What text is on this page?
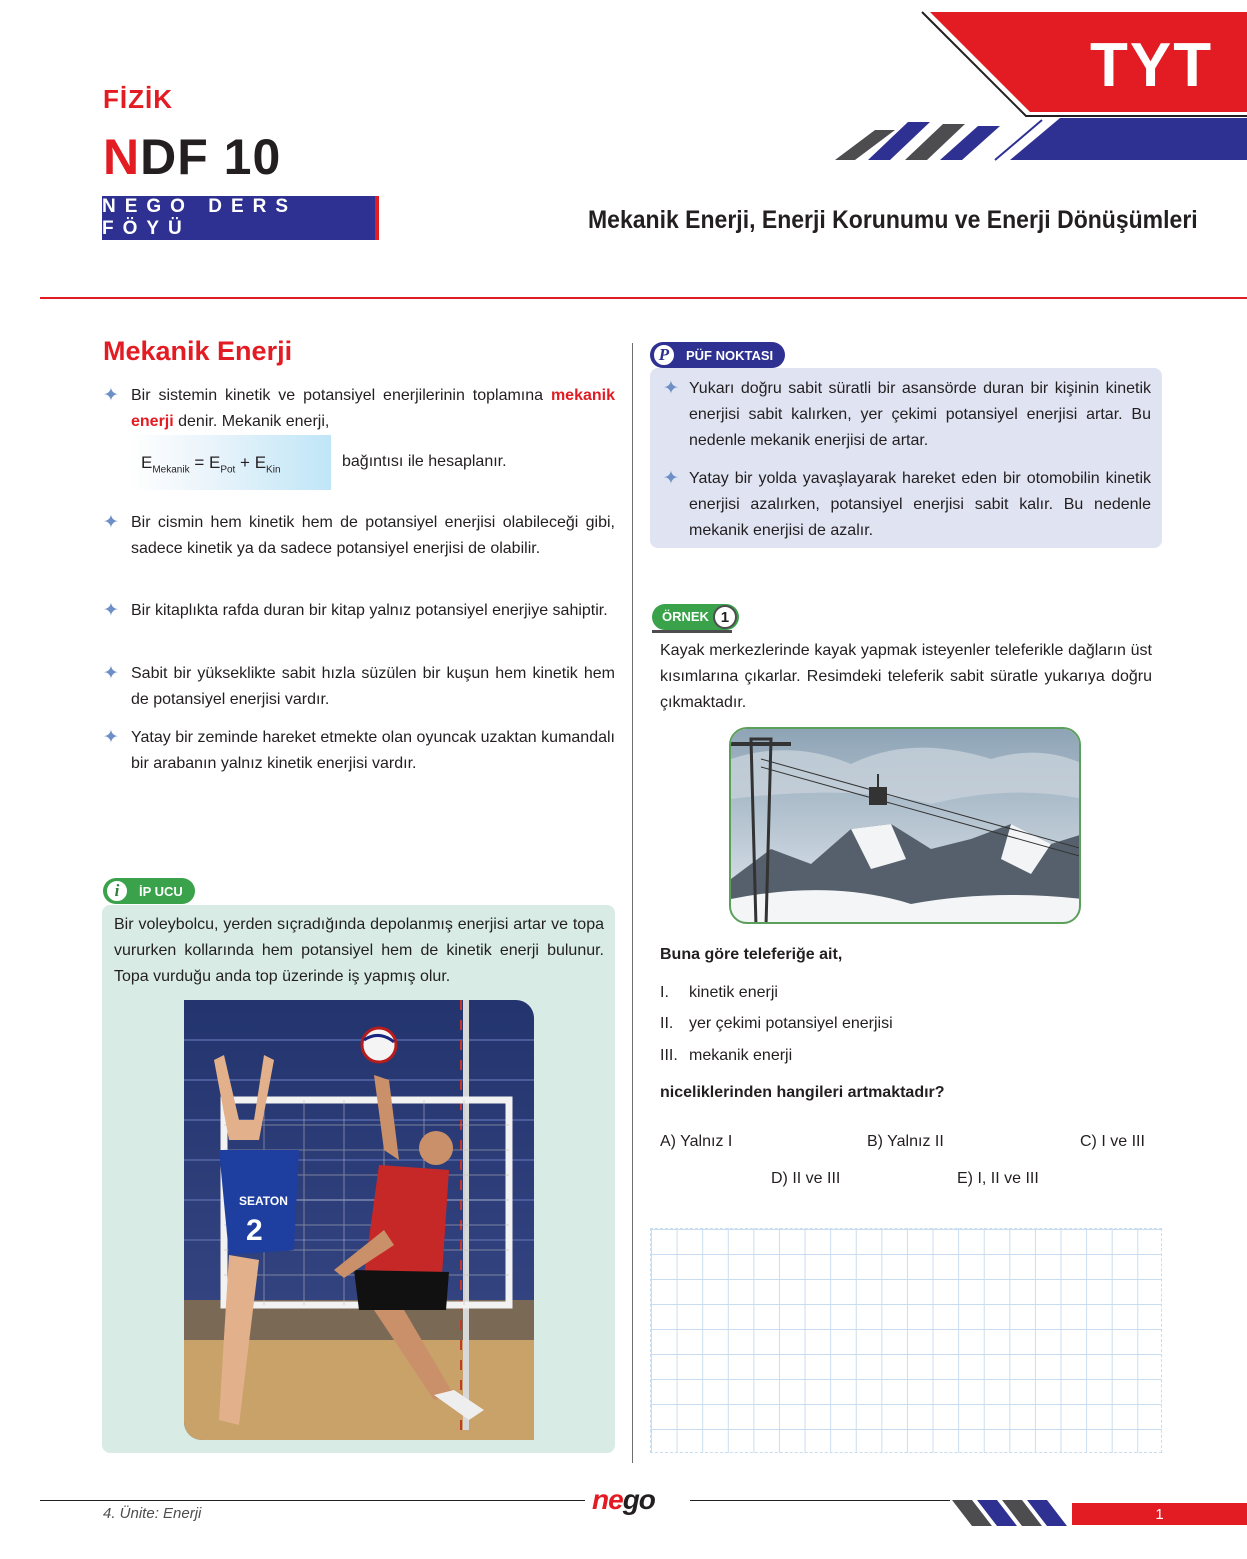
TYT
FİZİK
NDF 10
NEGO DERS FÖYÜ	Mekanik Enerji, Enerji Korunumu ve Enerji Dönüşümleri
Mekanik Enerji
✦ Bir sistemin kinetik ve potansiyel enerjilerinin toplamına mekanik enerji denir. Mekanik enerji,
$E_{Mekanik} = E_{Pot} + E_{Kin}$	bağıntısı ile hesaplanır.
✦ Bir cismin hem kinetik hem de potansiyel enerjisi olabileceği gibi, sadece kinetik ya da sadece potansiyel enerjisi de olabilir.
✦ Bir kitaplıkta rafda duran bir kitap yalnız potansiyel enerjiye sahiptir.
✦ Sabit bir yükseklikte sabit hızla süzülen bir kuşun hem kinetik hem de potansiyel enerjisi vardır.
✦ Yatay bir zeminde hareket etmekte olan oyuncak uzaktan kumandalı bir arabanın yalnız kinetik enerjisi vardır.
i	İP UCU
Bir voleybolcu, yerden sıçradığında depolanmış enerjisi artar ve topa vururken kollarında hem potansiyel hem de kinetik enerji bulunur. Topa vurduğu anda top üzerinde iş yapmış olur.
SEATON
2
P	PÜF NOKTASI
✦ Yukarı doğru sabit süratli bir asansörde duran bir kişinin kinetik enerjisi sabit kalırken, yer çekimi potansiyel enerjisi artar. Bu nedenle mekanik enerjisi de artar.
✦ Yatay bir yolda yavaşlayarak hareket eden bir otomobilin kinetik enerjisi azalırken, potansiyel enerjisi sabit kalır. Bu nedenle mekanik enerjisi de azalır.
ÖRNEK 1
Kayak merkezlerinde kayak yapmak isteyenler teleferikle dağların üst kısımlarına çıkarlar. Resimdeki teleferik sabit süratle yukarıya doğru çıkmaktadır.
Buna göre teleferiğe ait,
I. kinetik enerji
II. yer çekimi potansiyel enerjisi
III. mekanik enerji
niceliklerinden hangileri artmaktadır?
A) Yalnız I	B) Yalnız II	C) I ve III
D) II ve III	E) I, II ve III
4. Ünite: Enerji	nego	1
